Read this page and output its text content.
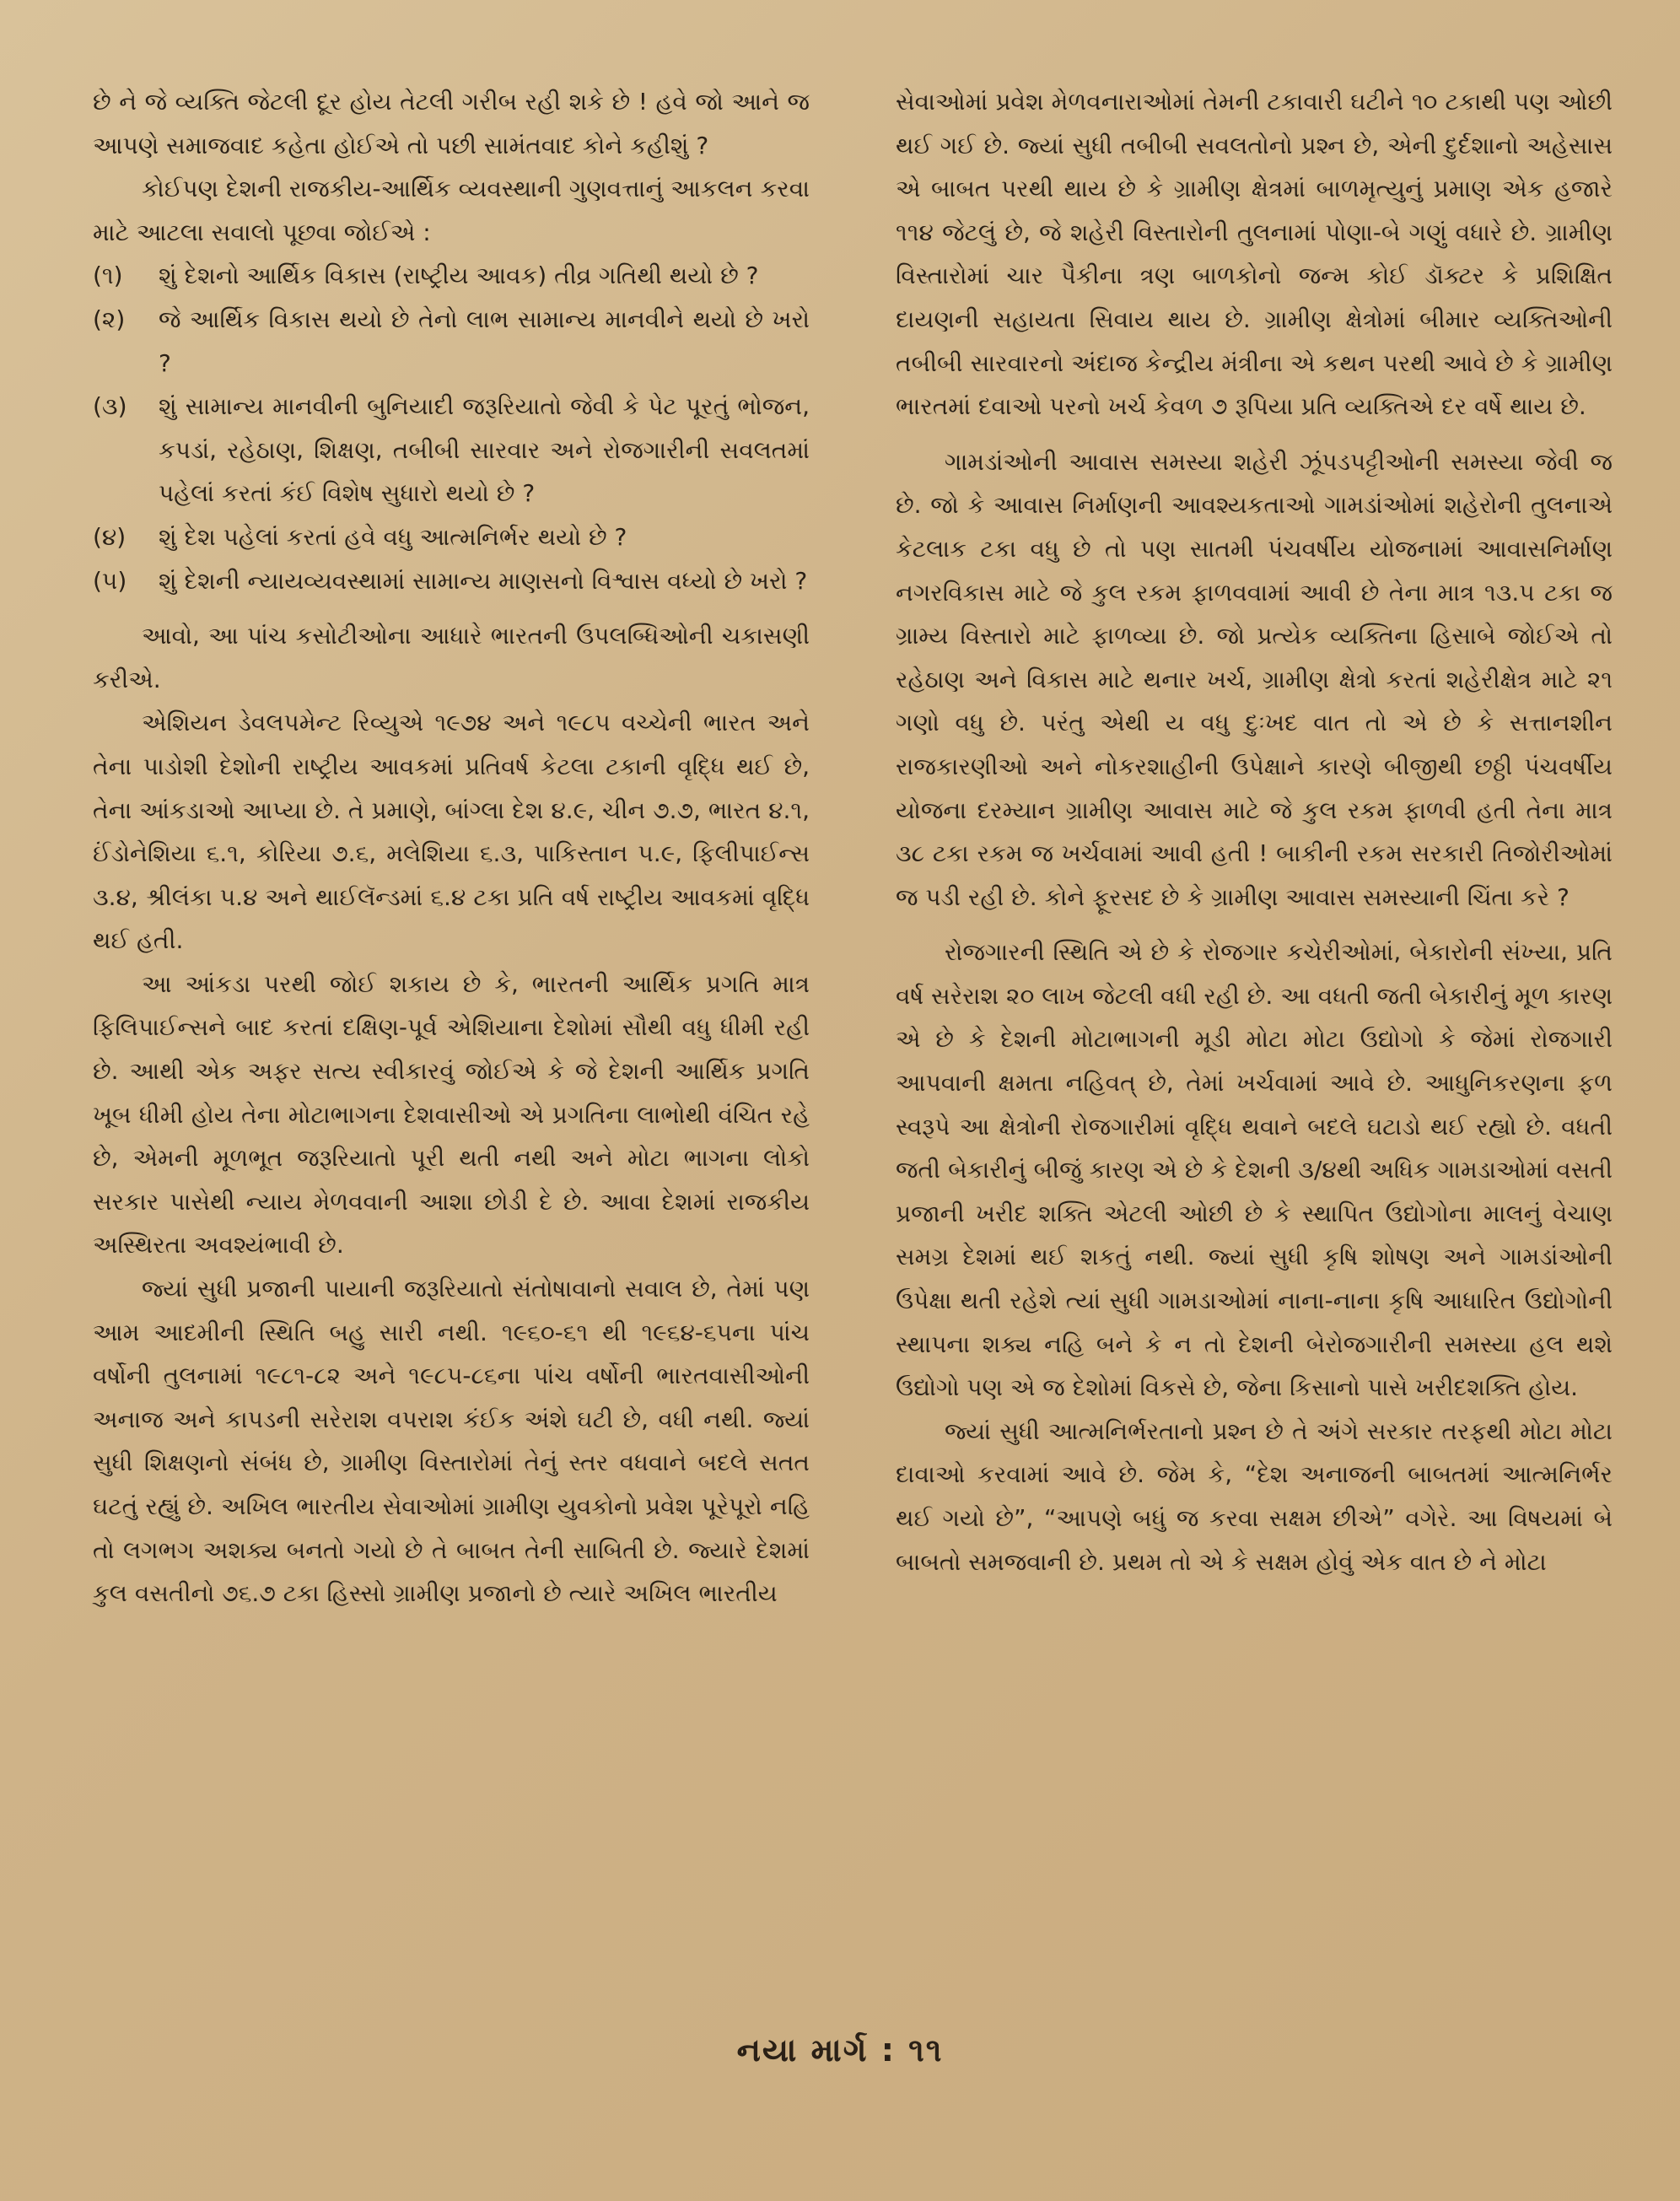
છે ને જે વ્યક્તિ જેટલી દૂર હોય તેટલી ગરીબ રહી શકે છે ! હવે જો આને જ આપણે સમાજવાદ કહેતા હોઈએ તો પછી સામંતવાદ કોને કહીશું ?

કોઈપણ દેશની રાજકીય-આર્થિક વ્યવસ્થાની ગુણવત્તાનું આકલન કરવા માટે આટલા સવાલો પૂછવા જોઈએ :

(૧)	શું દેશનો આર્થિક વિકાસ (રાષ્ટ્રીય આવક) તીવ્ર ગતિથી થયો છે ?
(૨)	જે આર્થિક વિકાસ થયો છે તેનો લાભ સામાન્ય માનવીને થયો છે ખરો ?
(૩)	શું સામાન્ય માનવીની બુનિયાદી જરૂરિયાતો જેવી કે પેટ પૂરતું ભોજન, કપડાં, રહેઠાણ, શિક્ષણ, તબીબી સારવાર અને રોજગારીની સવલતમાં પહેલાં કરતાં કંઈ વિશેષ સુધારો થયો છે ?
(૪)	શું દેશ પહેલાં કરતાં હવે વધુ આત્મનિર્ભર થયો છે ?
(૫)	શું દેશની ન્યાયવ્યવસ્થામાં સામાન્ય માણસનો વિશ્વાસ વધ્યો છે ખરો ?

આવો, આ પાંચ કસોટીઓના આધારે ભારતની ઉપલબ્ધિઓની ચકાસણી કરીએ.

એશિયન ડેવલપમેન્ટ રિવ્યુએ ૧૯૭૪ અને ૧૯૮૫ વચ્ચેની ભારત અને તેના પાડોશી દેશોની રાષ્ટ્રીય આવકમાં પ્રતિવર્ષ કેટલા ટકાની વૃદ્ધિ થઈ છે, તેના આંકડાઓ આપ્યા છે. તે પ્રમાણે, બાંગ્લા દેશ ૪.૯, ચીન ૭.૭, ભારત ૪.૧, ઈંડોનેશિયા ૬.૧, કોરિયા ૭.૬, મલેશિયા ૬.૩, પાકિસ્તાન ૫.૯, ફિલીપાઈન્સ ૩.૪, શ્રીલંકા ૫.૪ અને થાઈલૅન્ડમાં ૬.૪ ટકા પ્રતિ વર્ષ રાષ્ટ્રીય આવકમાં વૃદ્ધિ થઈ હતી.

આ આંકડા પરથી જોઈ શકાય છે કે, ભારતની આર્થિક પ્રગતિ માત્ર ફિલિપાઈન્સને બાદ કરતાં દક્ષિણ-પૂર્વ એશિયાના દેશોમાં સૌથી વધુ ધીમી રહી છે. આથી એક અફર સત્ય સ્વીકારવું જોઈએ કે જે દેશની આર્થિક પ્રગતિ ખૂબ ધીમી હોય તેના મોટાભાગના દેશવાસીઓ એ પ્રગતિના લાભોથી વંચિત રહે છે, એમની મૂળભૂત જરૂરિયાતો પૂરી થતી નથી અને મોટા ભાગના લોકો સરકાર પાસેથી ન્યાય મેળવવાની આશા છોડી દે છે. આવા દેશમાં રાજકીય અસ્થિરતા અવશ્યંભાવી છે.

જ્યાં સુધી પ્રજાની પાયાની જરૂરિયાતો સંતોષાવાનો સવાલ છે, તેમાં પણ આમ આદમીની સ્થિતિ બહુ સારી નથી. ૧૯૬૦-૬૧ થી ૧૯૬૪-૬૫ના પાંચ વર્ષોની તુલનામાં ૧૯૮૧-૮૨ અને ૧૯૮૫-૮૬ના પાંચ વર્ષોની ભારતવાસીઓની અનાજ અને કાપડની સરેરાશ વપરાશ કંઈક અંશે ઘટી છે, વધી નથી. જ્યાં સુધી શિક્ષણનો સંબંધ છે, ગ્રામીણ વિસ્તારોમાં તેનું સ્તર વધવાને બદલે સતત ઘટતું રહ્યું છે. અખિલ ભારતીય સેવાઓમાં ગ્રામીણ યુવકોનો પ્રવેશ પૂરેપૂરો નહિ તો લગભગ અશક્ય બનતો ગયો છે તે બાબત તેની સાબિતી છે. જ્યારે દેશમાં કુલ વસતીનો ૭૬.૭ ટકા હિસ્સો ગ્રામીણ પ્રજાનો છે ત્યારે અખિલ ભારતીય

સેવાઓમાં પ્રવેશ મેળવનારાઓમાં તેમની ટકાવારી ઘટીને ૧૦ ટકાથી પણ ઓછી થઈ ગઈ છે. જ્યાં સુધી તબીબી સવલતોનો પ્રશ્ન છે, એની દુર્દશાનો અહેસાસ એ બાબત પરથી થાય છે કે ગ્રામીણ ક્ષેત્રમાં બાળમૃત્યુનું પ્રમાણ એક હજારે ૧૧૪ જેટલું છે, જે શહેરી વિસ્તારોની તુલનામાં પોણા-બે ગણું વધારે છે. ગ્રામીણ વિસ્તારોમાં ચાર પૈકીના ત્રણ બાળકોનો જન્મ કોઈ ડૉક્ટર કે પ્રશિક્ષિત દાયણની સહાયતા સિવાય થાય છે. ગ્રામીણ ક્ષેત્રોમાં બીમાર વ્યક્તિઓની તબીબી સારવારનો અંદાજ કેન્દ્રીય મંત્રીના એ કથન પરથી આવે છે કે ગ્રામીણ ભારતમાં દવાઓ પરનો ખર્ચ કેવળ ૭ રૂપિયા પ્રતિ વ્યક્તિએ દર વર્ષે થાય છે.

ગામડાંઓની આવાસ સમસ્યા શહેરી ઝૂંપડપટ્ટીઓની સમસ્યા જેવી જ છે. જો કે આવાસ નિર્માણની આવશ્યકતાઓ ગામડાંઓમાં શહેરોની તુલનાએ કેટલાક ટકા વધુ છે તો પણ સાતમી પંચવર્ષીય યોજનામાં આવાસનિર્માણ નગરવિકાસ માટે જે કુલ રકમ ફાળવવામાં આવી છે તેના માત્ર ૧૩.૫ ટકા જ ગ્રામ્ય વિસ્તારો માટે ફાળવ્યા છે. જો પ્રત્યેક વ્યક્તિના હિસાબે જોઈએ તો રહેઠાણ અને વિકાસ માટે થનાર ખર્ચ, ગ્રામીણ ક્ષેત્રો કરતાં શહેરીક્ષેત્ર માટે ૨૧ ગણો વધુ છે. પરંતુ એથી ય વધુ દુઃખદ વાત તો એ છે કે સત્તાનશીન રાજકારણીઓ અને નોકરશાહીની ઉપેક્ષાને કારણે બીજીથી છઠ્ઠી પંચવર્ષીય યોજના દરમ્યાન ગ્રામીણ આવાસ માટે જે કુલ રકમ ફાળવી હતી તેના માત્ર ૩૮ ટકા રકમ જ ખર્ચવામાં આવી હતી ! બાકીની રકમ સરકારી તિજોરીઓમાં જ પડી રહી છે. કોને ફૂરસદ છે કે ગ્રામીણ આવાસ સમસ્યાની ચિંતા કરે ?

રોજગારની સ્થિતિ એ છે કે રોજગાર કચેરીઓમાં, બેકારોની સંખ્યા, પ્રતિ વર્ષ સરેરાશ ૨૦ લાખ જેટલી વધી રહી છે. આ વધતી જતી બેકારીનું મૂળ કારણ એ છે કે દેશની મોટાભાગની મૂડી મોટા મોટા ઉદ્યોગો કે જેમાં રોજગારી આપવાની ક્ષમતા નહિવત્ છે, તેમાં ખર્ચવામાં આવે છે. આધુનિકરણના ફળ સ્વરૂપે આ ક્ષેત્રોની રોજગારીમાં વૃદ્ધિ થવાને બદલે ઘટાડો થઈ રહ્યો છે. વધતી જતી બેકારીનું બીજું કારણ એ છે કે દેશની ૩/૪થી અધિક ગામડાઓમાં વસતી પ્રજાની ખરીદ શક્તિ એટલી ઓછી છે કે સ્થાપિત ઉદ્યોગોના માલનું વેચાણ સમગ્ર દેશમાં થઈ શકતું નથી. જ્યાં સુધી કૃષિ શોષણ અને ગામડાંઓની ઉપેક્ષા થતી રહેશે ત્યાં સુધી ગામડાઓમાં નાના-નાના કૃષિ આધારિત ઉદ્યોગોની સ્થાપના શક્ય નહિ બને કે ન તો દેશની બેરોજગારીની સમસ્યા હલ થશે ઉદ્યોગો પણ એ જ દેશોમાં વિકસે છે, જેના કિસાનો પાસે ખરીદશક્તિ હોય.

જ્યાં સુધી આત્મનિર્ભરતાનો પ્રશ્ન છે તે અંગે સરકાર તરફથી મોટા મોટા દાવાઓ કરવામાં આવે છે. જેમ કે, “દેશ અનાજની બાબતમાં આત્મનિર્ભર થઈ ગયો છે”, “આપણે બધું જ કરવા સક્ષમ છીએ” વગેરે. આ વિષયમાં બે બાબતો સમજવાની છે. પ્રથમ તો એ કે સક્ષમ હોવું એક વાત છે ને મોટા

નયા માર્ગ : ૧૧
